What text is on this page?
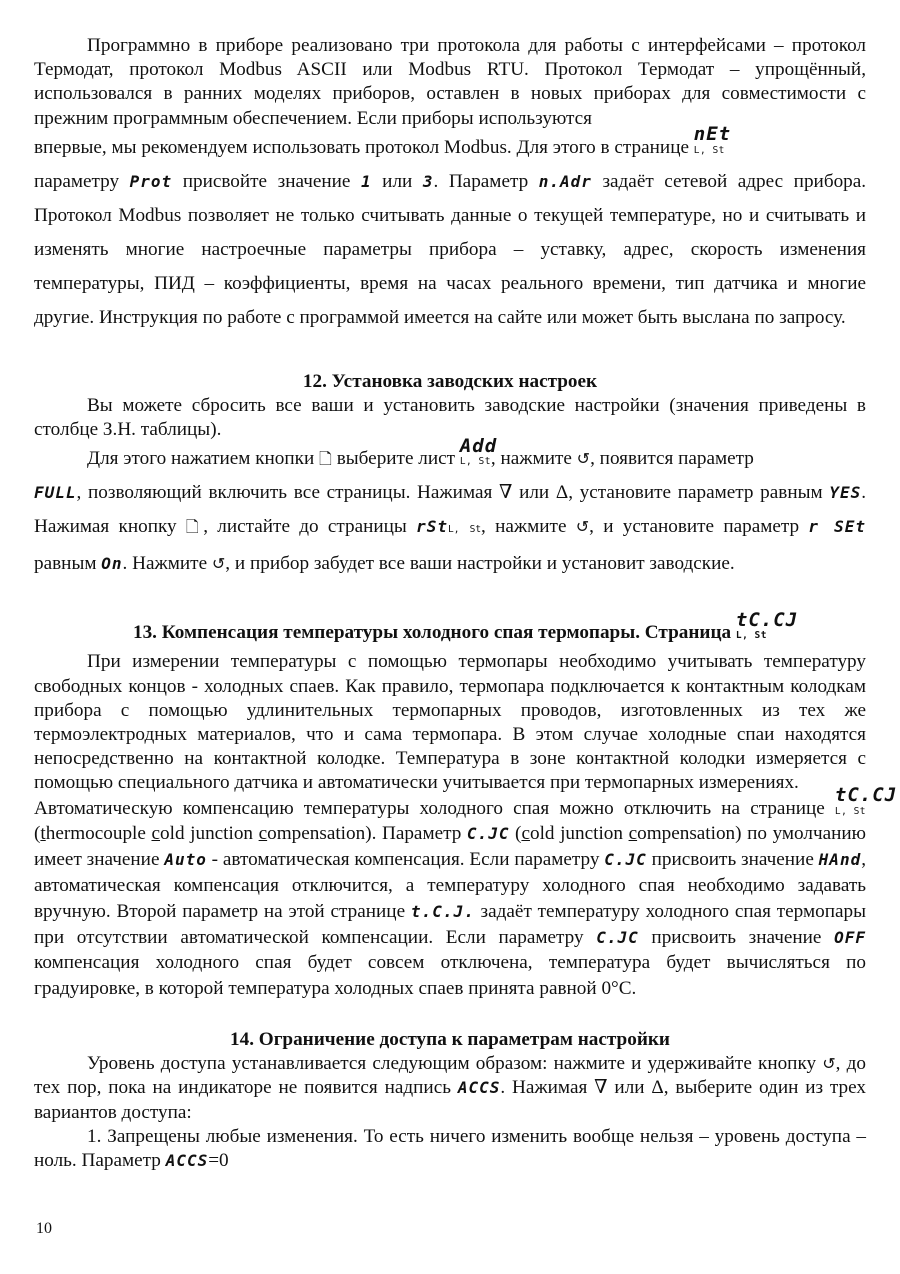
Программно в приборе реализовано три протокола для работы с интерфейсами – протокол Термодат, протокол Modbus ASCII или Modbus RTU. Протокол Термодат – упрощённый, использовался в ранних моделях приборов, оставлен в новых приборах для совместимости с прежним программным обеспечением. Если приборы используются

впервые, мы рекомендуем использовать протокол Modbus. Для этого в странице
nEt
L, St
параметру Prot присвойте значение 1 или 3. Параметр n.Adr задаёт сетевой адрес прибора. Протокол Modbus позволяет не только считывать данные о текущей температуре, но и считывать и изменять многие настроечные параметры прибора – уставку, адрес, скорость изменения температуры, ПИД – коэффициенты, время на часах реального времени, тип датчика и многие другие. Инструкция по работе с программой имеется на сайте или может быть выслана по запросу.

12. Установка заводских настроек

Вы можете сбросить все ваши и установить заводские настройки (значения приведены в столбце З.Н. таблицы).

Для этого нажатием кнопки 🗋 выберите лист
Add
L, St, нажмите ↺, появится параметр
FULL, позволяющий включить все страницы. Нажимая ∇ или Δ, установите параметр равным YES. Нажимая кнопку 🗋, листайте до страницы rStL, St, нажмите ↺, и установите параметр r SEt равным On. Нажмите ↺, и прибор забудет все ваши настройки и установит заводские.

13. Компенсация температуры холодного спая термопары. Страница
tC.CJ
L, St

При измерении температуры с помощью термопары необходимо учитывать температуру свободных концов - холодных спаев. Как правило, термопара подключается к контактным колодкам прибора с помощью удлинительных термопарных проводов, изготовленных из тех же термоэлектродных материалов, что и сама термопара. В этом случае холодные спаи находятся непосредственно на контактной колодке. Температура в зоне контактной колодки измеряется с помощью специального датчика и автоматически учитывается при термопарных измерениях.

Автоматическую компенсацию температуры холодного спая можно отключить на странице
tC.CJ
L, St (thermocouple cold junction compensation). Параметр C.JC (cold junction compensation) по умолчанию имеет значение Auto - автоматическая компенсация. Если параметру C.JC присвоить значение HAnd, автоматическая компенсация отключится, а температуру холодного спая необходимо задавать вручную. Второй параметр на этой странице t.C.J. задаёт температуру холодного спая термопары при отсутствии автоматической компенсации. Если параметру C.JC присвоить значение OFF компенсация холодного спая будет совсем отключена, температура будет вычисляться по градуировке, в которой температура холодных спаев принята равной 0°C.

14. Ограничение доступа к параметрам настройки

Уровень доступа устанавливается следующим образом: нажмите и удерживайте кнопку ↺, до тех пор, пока на индикаторе не появится надпись ACCS. Нажимая ∇ или Δ, выберите один из трех вариантов доступа:

1. Запрещены любые изменения. То есть ничего изменить вообще нельзя – уровень доступа – ноль. Параметр ACCS=0

10
